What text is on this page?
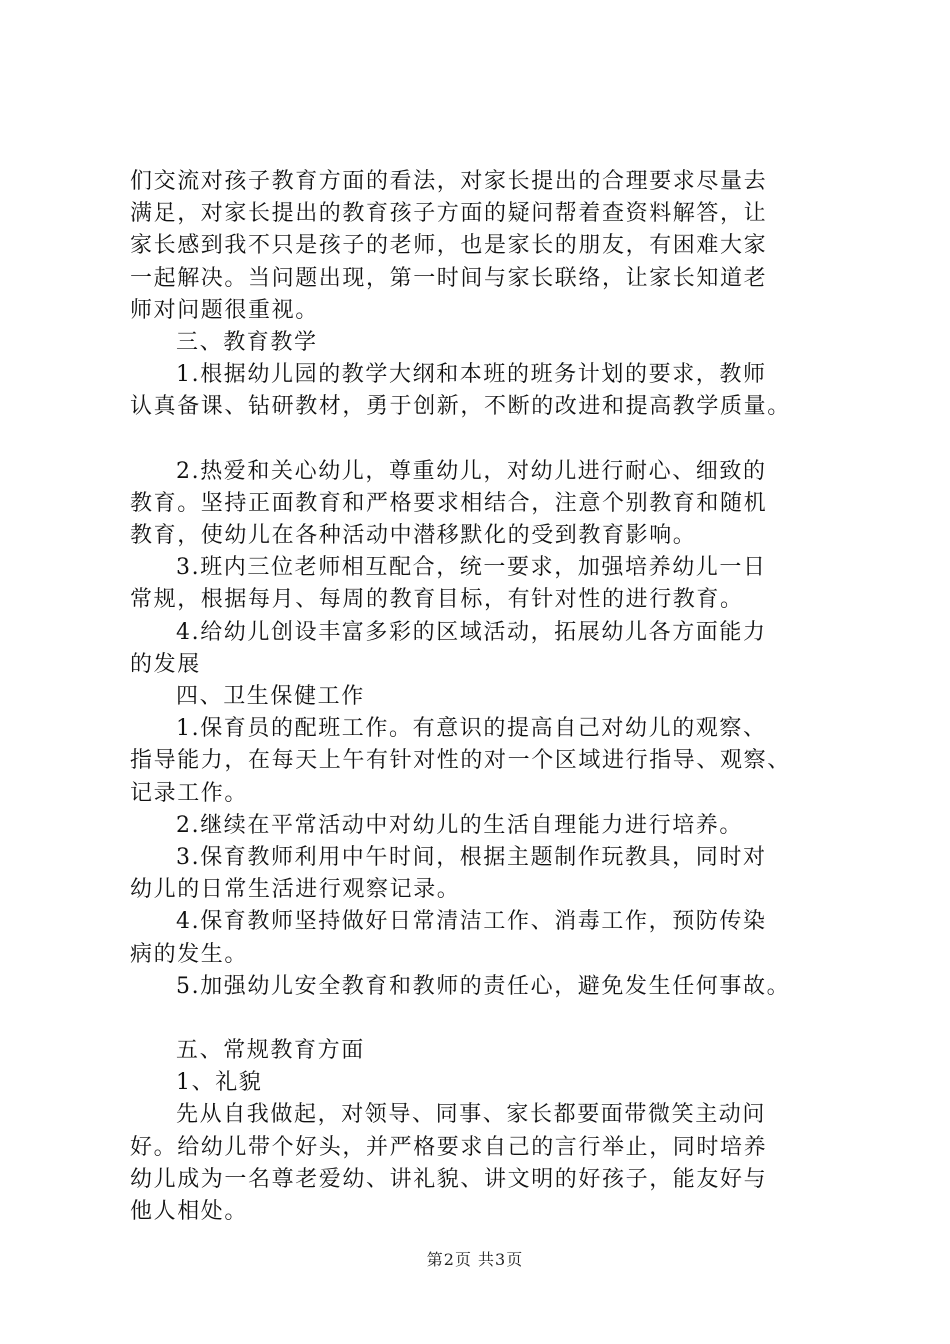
们交流对孩子教育方面的看法，对家长提出的合理要求尽量去
满足，对家长提出的教育孩子方面的疑问帮着查资料解答，让
家长感到我不只是孩子的老师，也是家长的朋友，有困难大家
一起解决。当问题出现，第一时间与家长联络，让家长知道老
师对问题很重视。
三、教育教学
1.根据幼儿园的教学大纲和本班的班务计划的要求，教师
认真备课、钻研教材，勇于创新，不断的改进和提高教学质量。
2.热爱和关心幼儿，尊重幼儿，对幼儿进行耐心、细致的
教育。坚持正面教育和严格要求相结合，注意个别教育和随机
教育，使幼儿在各种活动中潜移默化的受到教育影响。
3.班内三位老师相互配合，统一要求，加强培养幼儿一日
常规，根据每月、每周的教育目标，有针对性的进行教育。
4.给幼儿创设丰富多彩的区域活动，拓展幼儿各方面能力
的发展
四、卫生保健工作
1.保育员的配班工作。有意识的提高自己对幼儿的观察、
指导能力，在每天上午有针对性的对一个区域进行指导、观察、
记录工作。
2.继续在平常活动中对幼儿的生活自理能力进行培养。
3.保育教师利用中午时间，根据主题制作玩教具，同时对
幼儿的日常生活进行观察记录。
4.保育教师坚持做好日常清洁工作、消毒工作，预防传染
病的发生。
5.加强幼儿安全教育和教师的责任心，避免发生任何事故。
五、常规教育方面
1、礼貌
先从自我做起，对领导、同事、家长都要面带微笑主动问
好。给幼儿带个好头，并严格要求自己的言行举止，同时培养
幼儿成为一名尊老爱幼、讲礼貌、讲文明的好孩子，能友好与
他人相处。
第2页 共3页
